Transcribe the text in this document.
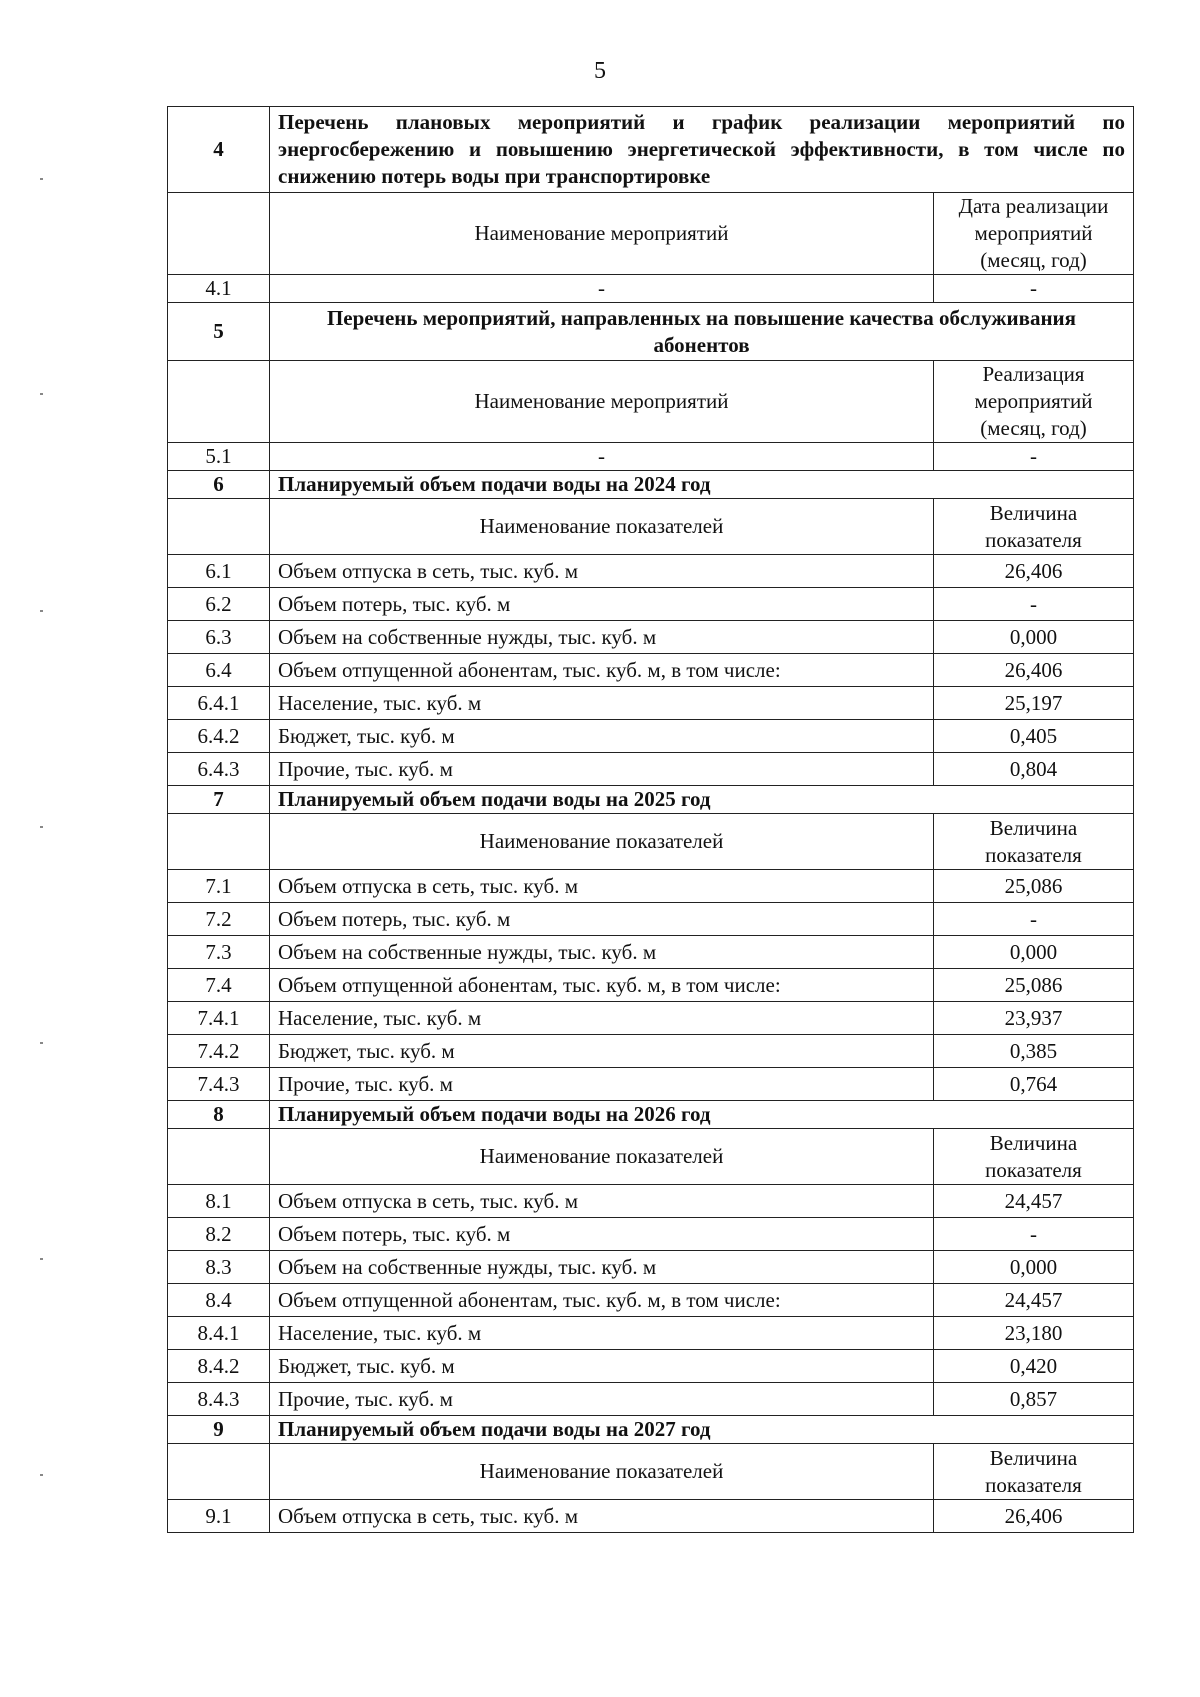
5
4	Перечень плановых мероприятий и график реализации мероприятий по энергосбережению и повышению энергетической эффективности, в том числе по снижению потерь воды при транспортировке	
	Наименование мероприятий	Дата реализации мероприятий (месяц, год)
4.1	-	-
5	Перечень мероприятий, направленных на повышение качества обслуживания абонентов	
	Наименование мероприятий	Реализация мероприятий (месяц, год)
5.1	-	-
6	Планируемый объем подачи воды на 2024 год	
	Наименование показателей	Величина показателя
6.1	Объем отпуска в сеть, тыс. куб. м	26,406
6.2	Объем потерь, тыс. куб. м	-
6.3	Объем на собственные нужды, тыс. куб. м	0,000
6.4	Объем отпущенной абонентам, тыс. куб. м, в том числе:	26,406
6.4.1	Население, тыс. куб. м	25,197
6.4.2	Бюджет, тыс. куб. м	0,405
6.4.3	Прочие, тыс. куб. м	0,804
7	Планируемый объем подачи воды на 2025 год	
	Наименование показателей	Величина показателя
7.1	Объем отпуска в сеть, тыс. куб. м	25,086
7.2	Объем потерь, тыс. куб. м	-
7.3	Объем на собственные нужды, тыс. куб. м	0,000
7.4	Объем отпущенной абонентам, тыс. куб. м, в том числе:	25,086
7.4.1	Население, тыс. куб. м	23,937
7.4.2	Бюджет, тыс. куб. м	0,385
7.4.3	Прочие, тыс. куб. м	0,764
8	Планируемый объем подачи воды на 2026 год	
	Наименование показателей	Величина показателя
8.1	Объем отпуска в сеть, тыс. куб. м	24,457
8.2	Объем потерь, тыс. куб. м	-
8.3	Объем на собственные нужды, тыс. куб. м	0,000
8.4	Объем отпущенной абонентам, тыс. куб. м, в том числе:	24,457
8.4.1	Население, тыс. куб. м	23,180
8.4.2	Бюджет, тыс. куб. м	0,420
8.4.3	Прочие, тыс. куб. м	0,857
9	Планируемый объем подачи воды на 2027 год	
	Наименование показателей	Величина показателя
9.1	Объем отпуска в сеть, тыс. куб. м	26,406
